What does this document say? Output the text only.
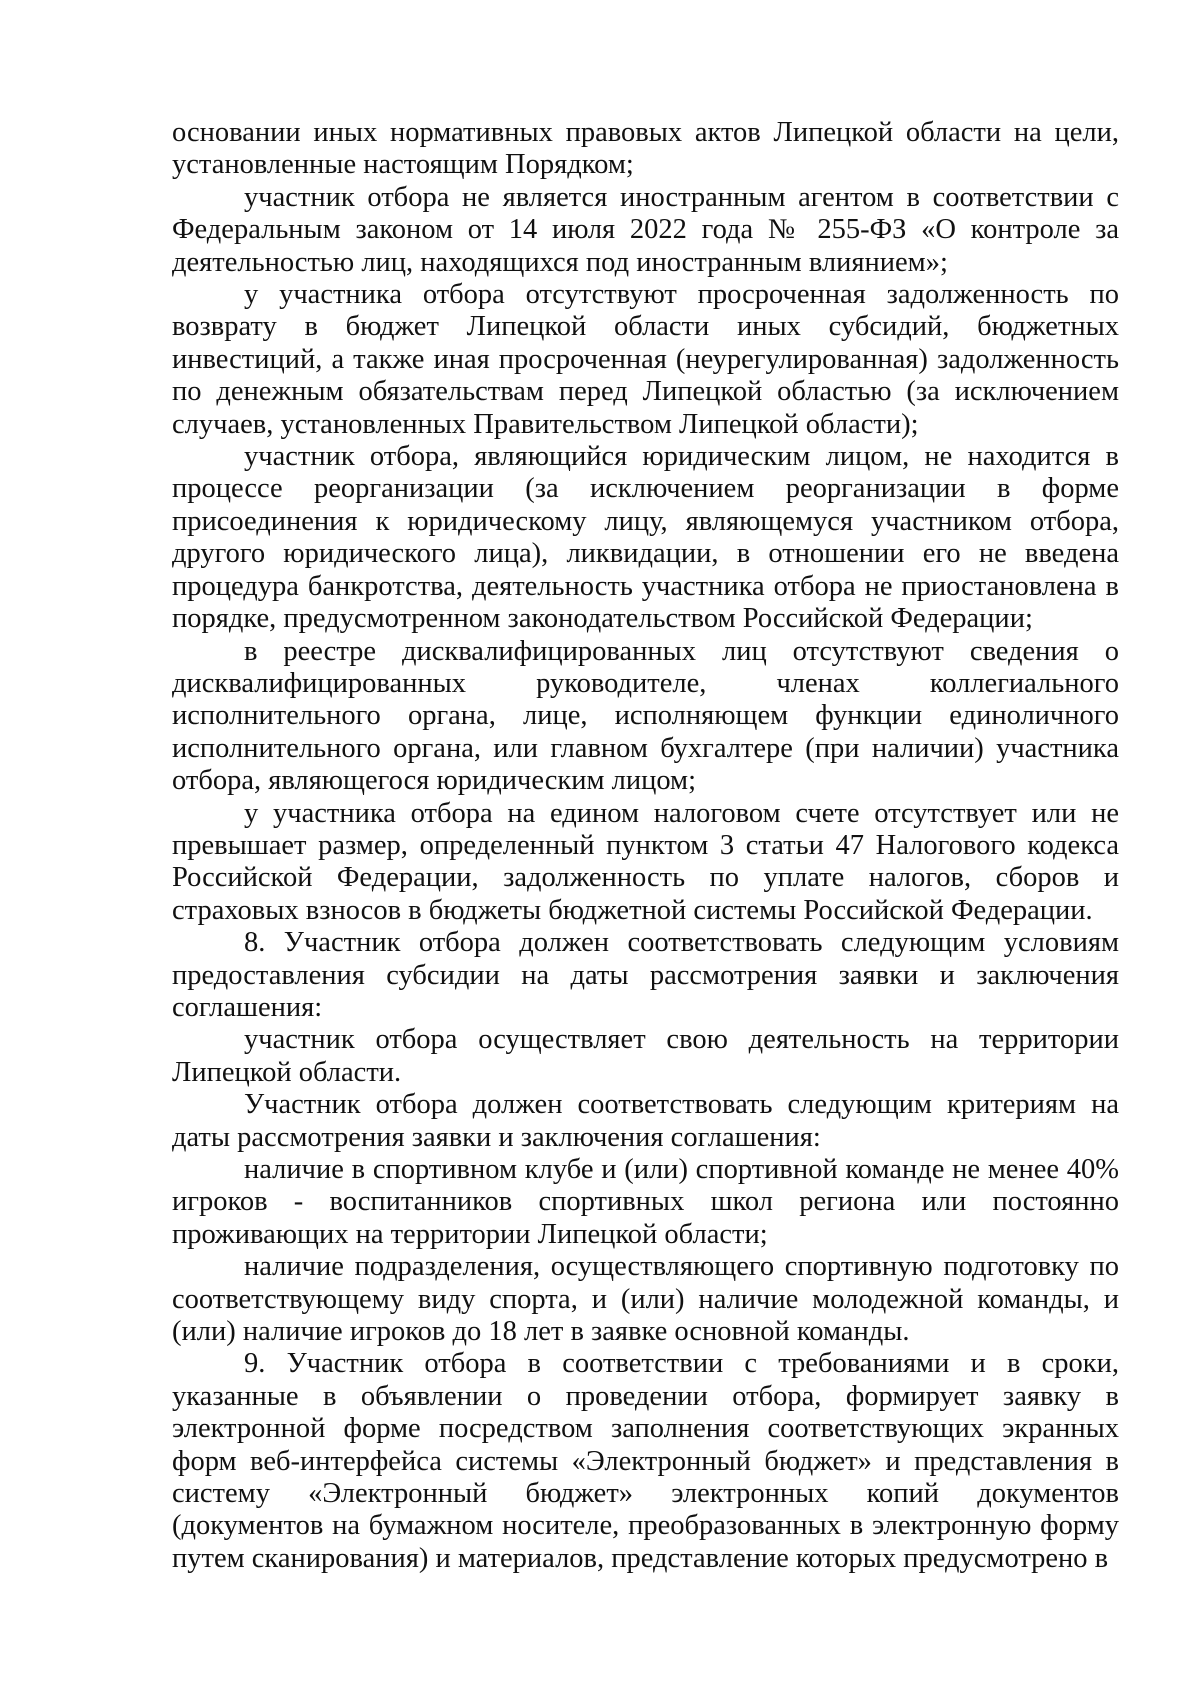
основании иных нормативных правовых актов Липецкой области на цели, установленные настоящим Порядком;

участник отбора не является иностранным агентом в соответствии с Федеральным законом от 14 июля 2022 года № 255-ФЗ «О контроле за деятельностью лиц, находящихся под иностранным влиянием»;

у участника отбора отсутствуют просроченная задолженность по возврату в бюджет Липецкой области иных субсидий, бюджетных инвестиций, а также иная просроченная (неурегулированная) задолженность по денежным обязательствам перед Липецкой областью (за исключением случаев, установленных Правительством Липецкой области);

участник отбора, являющийся юридическим лицом, не находится в процессе реорганизации (за исключением реорганизации в форме присоединения к юридическому лицу, являющемуся участником отбора, другого юридического лица), ликвидации, в отношении его не введена процедура банкротства, деятельность участника отбора не приостановлена в порядке, предусмотренном законодательством Российской Федерации;

в реестре дисквалифицированных лиц отсутствуют сведения о дисквалифицированных руководителе, членах коллегиального исполнительного органа, лице, исполняющем функции единоличного исполнительного органа, или главном бухгалтере (при наличии) участника отбора, являющегося юридическим лицом;

у участника отбора на едином налоговом счете отсутствует или не превышает размер, определенный пунктом 3 статьи 47 Налогового кодекса Российской Федерации, задолженность по уплате налогов, сборов и страховых взносов в бюджеты бюджетной системы Российской Федерации.

8. Участник отбора должен соответствовать следующим условиям предоставления субсидии на даты рассмотрения заявки и заключения соглашения:

участник отбора осуществляет свою деятельность на территории Липецкой области.

Участник отбора должен соответствовать следующим критериям на даты рассмотрения заявки и заключения соглашения:

наличие в спортивном клубе и (или) спортивной команде не менее 40% игроков - воспитанников спортивных школ региона или постоянно проживающих на территории Липецкой области;

наличие подразделения, осуществляющего спортивную подготовку по соответствующему виду спорта, и (или) наличие молодежной команды, и (или) наличие игроков до 18 лет в заявке основной команды.

9. Участник отбора в соответствии с требованиями и в сроки, указанные в объявлении о проведении отбора, формирует заявку в электронной форме посредством заполнения соответствующих экранных форм веб-интерфейса системы «Электронный бюджет» и представления в систему «Электронный бюджет» электронных копий документов (документов на бумажном носителе, преобразованных в электронную форму путем сканирования) и материалов, представление которых предусмотрено в
